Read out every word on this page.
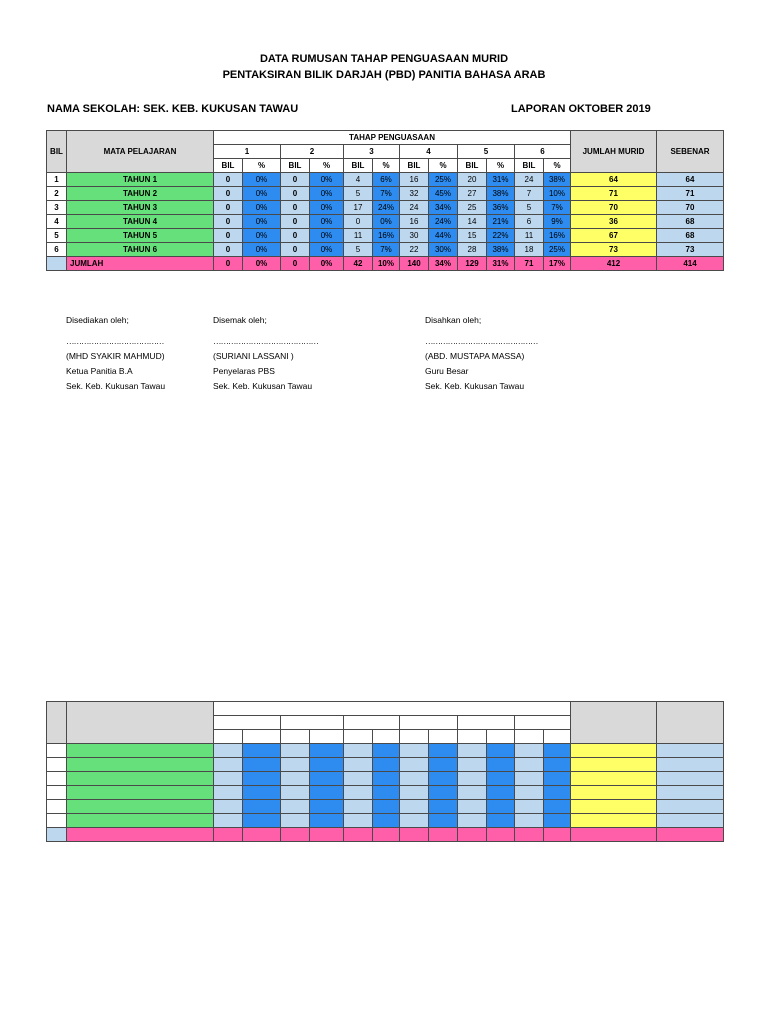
DATA RUMUSAN TAHAP PENGUASAAN MURID
PENTAKSIRAN BILIK DARJAH (PBD) PANITIA BAHASA ARAB
NAMA SEKOLAH: SEK. KEB. KUKUSAN TAWAU	LAPORAN OKTOBER 2019
BIL	MATA PELAJARAN	TAHAP PENGUASAAN												JUMLAH MURID	SEBENAR
		1		2		3		4		5		6			
		BIL	%	BIL	%	BIL	%	BIL	%	BIL	%	BIL	%		
1	TAHUN 1	0	0%	0	0%	4	6%	16	25%	20	31%	24	38%	64	64
2	TAHUN 2	0	0%	0	0%	5	7%	32	45%	27	38%	7	10%	71	71
3	TAHUN 3	0	0%	0	0%	17	24%	24	34%	25	36%	5	7%	70	70
4	TAHUN 4	0	0%	0	0%	0	0%	16	24%	14	21%	6	9%	36	68
5	TAHUN 5	0	0%	0	0%	11	16%	30	44%	15	22%	11	16%	67	68
6	TAHUN 6	0	0%	0	0%	5	7%	22	30%	28	38%	18	25%	73	73
	JUMLAH	0	0%	0	0%	42	10%	140	34%	129	31%	71	17%	412	414
Disediakan oleh;
…………………………………
(MHD SYAKIR MAHMUD)
Ketua Panitia B.A
Sek. Keb. Kukusan Tawau
Disemak oleh;
……………………………………
(SURIANI LASSANI )
Penyelaras PBS
Sek. Keb. Kukusan Tawau
Disahkan oleh;
………………………………………
(ABD. MUSTAPA MASSA)
Guru Besar
Sek. Keb. Kukusan Tawau
